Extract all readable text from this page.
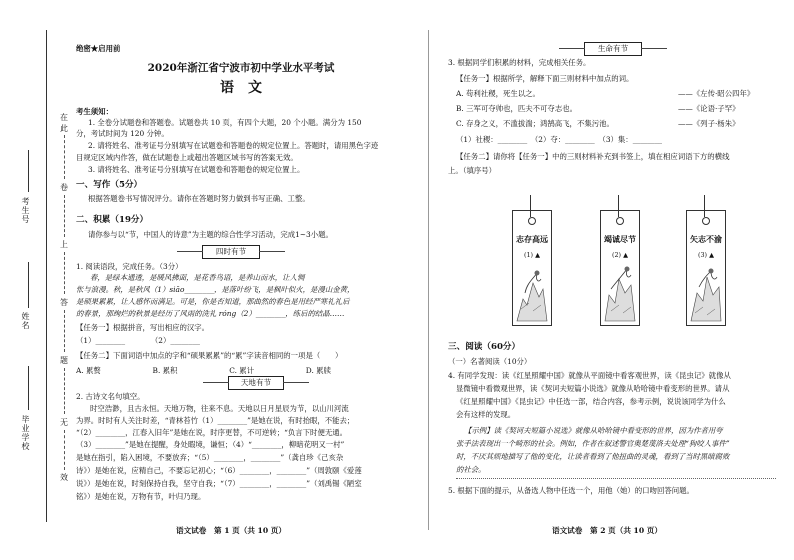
在
此
卷
上
答
题
无
效
考生号
姓名
毕业学校
绝密★启用前
2020年浙江省宁波市初中学业水平考试
语　文
考生须知：
1. 全卷分试题卷和答题卷。试题卷共 10 页，有四个大题，20 个小题。满分为 150
分，考试时间为 120 分钟。
2. 请将姓名、准考证号分别填写在试题卷和答题卷的规定位置上。答题时，请用黑色字迹
目规定区域内作答，做在试题卷上或超出答题区域书写的答案无效。
3. 请将姓名、准考证号分别填写在试题卷和答题卷的规定位置上。
一、写作（5分）
根据答题卷书写情况评分。请你在答题时努力做到书写正确、工整。
二、积累（19分）
请你参与以“节，中国人的诗意”为主题的综合性学习活动，完成1~3小题。
四时有节
1. 阅读语段，完成任务。（3分）
春，是绿本通透，是暖风拂面，是花香鸟语，是养山而水，让人惆
怅与浪漫。秋，是秋风（1）siāo________，是落叶纷飞，是枫叶似火，是漫山金黄，
是硕果累累，让人感怀而满足。可是，你是否知道，那曲然的春色是用经严寒礼礼后
的春景，那绚烂的秋景是经历了风雨的洗礼 róng（2）________，练后的结晶……
【任务一】根据拼音，写出相应的汉字。
（1）________　　　　（2）________
【任务二】下面词语中加点的字和“硕果累累”的“累”字读音相同的一项是（　　）
A. 累赘　　　　　　　B. 累积　　　　　　　C. 累计　　　　　　　D. 累牍
天地有节
2. 古诗文名句填空。
时空浩渺，且古永恒。天地万物，往来不息。天地以日月星辰为节，以山川河流
为界。时时有人关注时差，“青林苔竹（1）________”是她在说，有时抬眼，不能去；
“（2）________，江春入旧年”是她在说，时序更替，不可逆转；“负言下时便无通。
（3）________”是她在提醒，身处暇境，谦恒；（4）“________，柳暗花明又一村”
是她在指引，陷入困境，不要放弃；“（5）________，________”（龚自珍《己亥杂
诗》）是她在说，应精自己，不要忘记初心；“（6）________，________”（周敦颐《爱莲
说》）是她在说，时刻保持自我，坚守自我；“（7）________，________”（刘禹锡《陋室
铭》）是她在说，万物有节，叶归乃现。
语文试卷　第 1 页（共 10 页）
生命有节
3. 根据同学们积累的材料，完成相关任务。
【任务一】根据所学，解释下面三则材料中加点的词。
A. 苟利社稷，死生以之。	——《左传·昭公四年》
B. 三军可夺帅也，匹夫不可夺志也。	——《论语·子罕》
C. 存身之义，不滥拔湍；鸿鹄高飞，不集污池。	——《列子·杨朱》
（1）社稷：________　（2）夺：________　（3）集：________
【任务二】请你将【任务一】中的三则材料补充到书签上，填在相应词语下方的横线
上。（填序号）
志存高远
(1) ▲
竭诚尽节
(2) ▲
矢志不渝
(3) ▲
三、阅读（60分）
（一）名著阅读（10分）
4. 有同学发现：读《红星照耀中国》就像从平面镜中看客观世界，读《昆虫记》就像从
显微镜中看微观世界，读《契诃夫短篇小说选》就像从哈哈镜中看变形的世界。请从
《红星照耀中国》《昆虫记》中任选一部，结合内容，参考示例，说说该同学为什么
会有这样的发现。
【示例】读《契诃夫短篇小说选》就像从哈哈镜中看变形的世界，因为作者用夸
张手法表现出一个畸形的社会。例如，作者在叙述警官奥楚蔑洛夫处理“狗咬人事件”
时，不厌其烦地描写了他的变化，让读者看到了他扭曲的灵魂，看到了当时黑暗腐败
的社会。
5. 根据下面的提示，从备选人物中任选一个，用他（她）的口吻回答问题。
语文试卷　第 2 页（共 10 页）
